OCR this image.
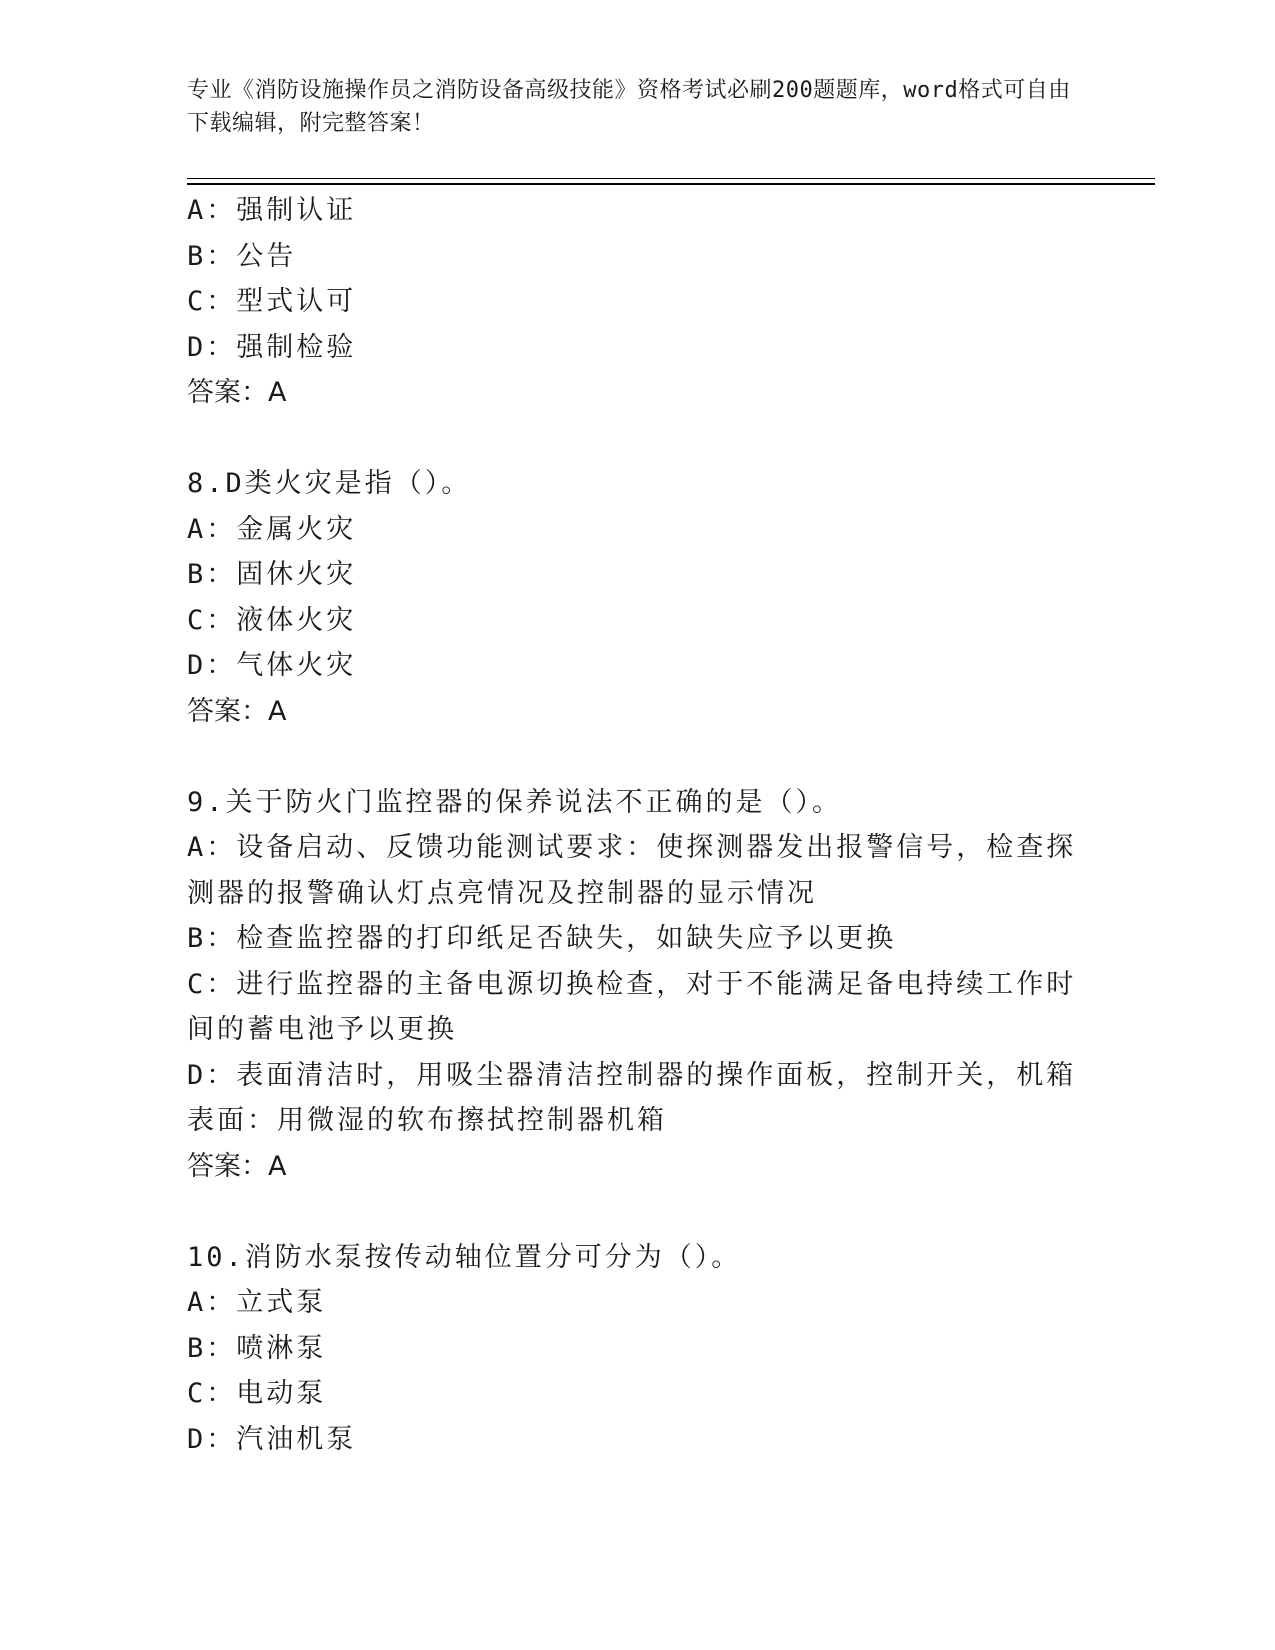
专业《消防设施操作员之消防设备高级技能》资格考试必刷200题题库，word格式可自由下载编辑，附完整答案！
A：强制认证
B：公告
C：型式认可
D：强制检验
答案：A
8.D类火灾是指（）。
A：金属火灾
B：固休火灾
C：液体火灾
D：气体火灾
答案：A
9.关于防火门监控器的保养说法不正确的是（）。
A：设备启动、反馈功能测试要求：使探测器发出报警信号，检查探测器的报警确认灯点亮情况及控制器的显示情况
B：检查监控器的打印纸足否缺失，如缺失应予以更换
C：进行监控器的主备电源切换检查，对于不能满足备电持续工作时间的蓄电池予以更换
D：表面清洁时，用吸尘器清洁控制器的操作面板，控制开关，机箱表面：用微湿的软布擦拭控制器机箱
答案：A
10.消防水泵按传动轴位置分可分为（）。
A：立式泵
B：喷淋泵
C：电动泵
D：汽油机泵
